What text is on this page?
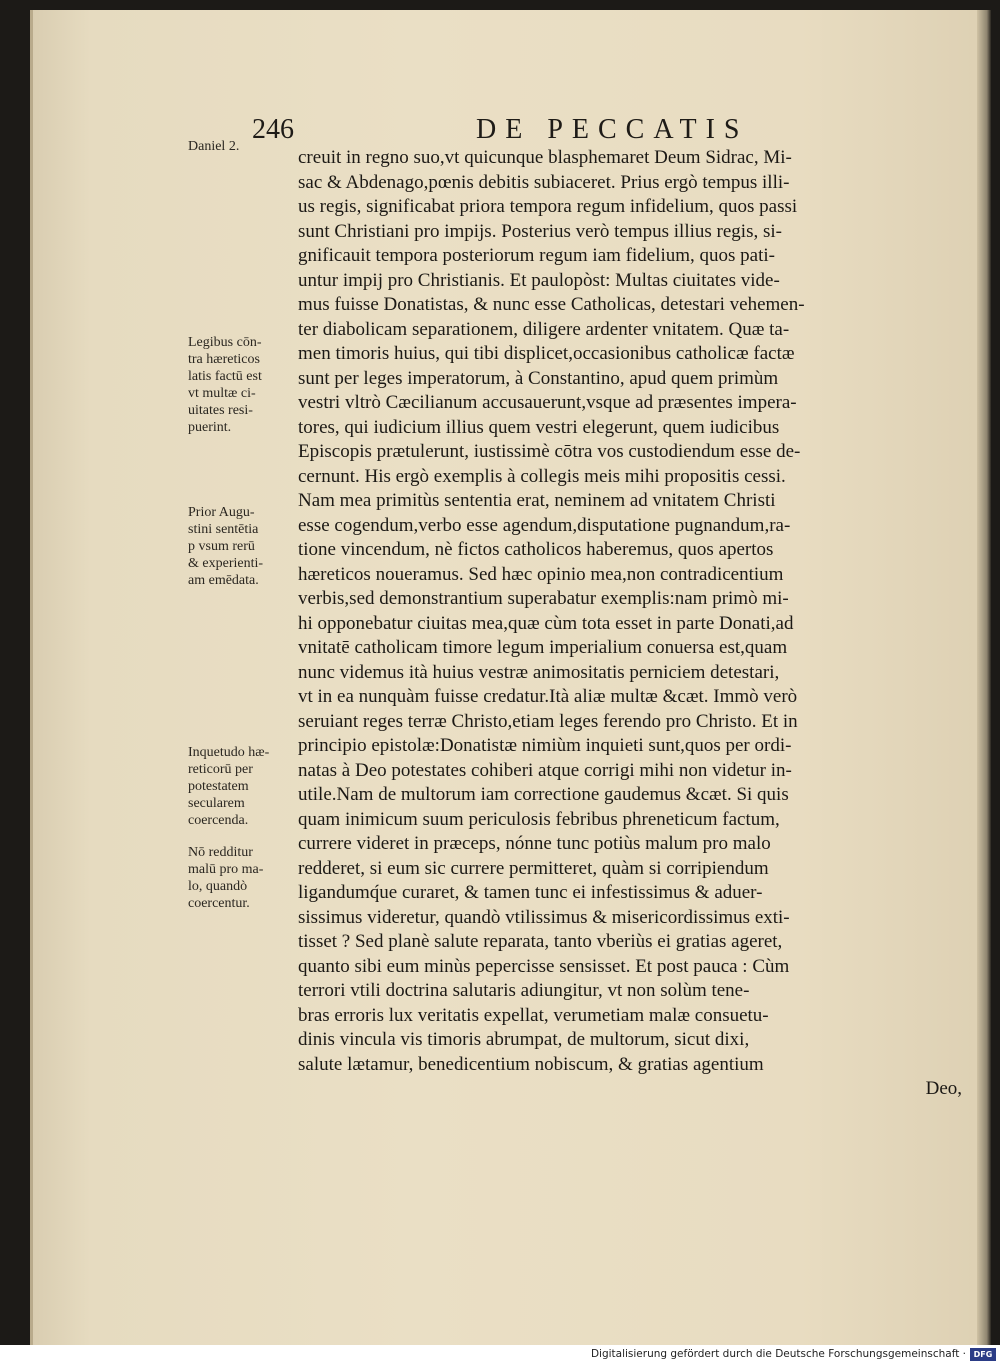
246	DE PECCATIS
Daniel 2.
Legibus cōn-
tra hæreticos
latis factū est
vt multæ ci-
uitates resi-
puerint.
Prior Augu-
stini sentētia
p vsum rerū
& experienti-
am emēdata.
Inquetudo hæ-
reticorū per
potestatem
secularem
coercenda.
Nō redditur
malū pro ma-
lo, quandò
coercentur.
creuit in regno suo,vt quicunque blasphemaret Deum Sidrac, Mi-
sac & Abdenago,pœnis debitis subiaceret. Prius ergò tempus illi-
us regis, significabat priora tempora regum infidelium, quos passi
sunt Christiani pro impijs. Posterius verò tempus illius regis, si-
gnificauit tempora posteriorum regum iam fidelium, quos pati-
untur impij pro Christianis. Et paulopòst: Multas ciuitates vide-
mus fuisse Donatistas, & nunc esse Catholicas, detestari vehemen-
ter diabolicam separationem, diligere ardenter vnitatem. Quæ ta-
men timoris huius, qui tibi displicet,occasionibus catholicæ factæ
sunt per leges imperatorum, à Constantino, apud quem primùm
vestri vltrò Cæcilianum accusauerunt,vsque ad præsentes impera-
tores, qui iudicium illius quem vestri elegerunt, quem iudicibus
Episcopis prætulerunt, iustissimè cōtra vos custodiendum esse de-
cernunt. His ergò exemplis à collegis meis mihi propositis cessi.
Nam mea primitùs sententia erat, neminem ad vnitatem Christi
esse cogendum,verbo esse agendum,disputatione pugnandum,ra-
tione vincendum, nè fictos catholicos haberemus, quos apertos
hæreticos noueramus. Sed hæc opinio mea,non contradicentium
verbis,sed demonstrantium superabatur exemplis:nam primò mi-
hi opponebatur ciuitas mea,quæ cùm tota esset in parte Donati,ad
vnitatē catholicam timore legum imperialium conuersa est,quam
nunc videmus ità huius vestræ animositatis perniciem detestari,
vt in ea nunquàm fuisse credatur.Ità aliæ multæ &cæt. Immò verò
seruiant reges terræ Christo,etiam leges ferendo pro Christo. Et in
principio epistolæ:Donatistæ nimiùm inquieti sunt,quos per ordi-
natas à Deo potestates cohiberi atque corrigi mihi non videtur in-
utile.Nam de multorum iam correctione gaudemus &cæt. Si quis
quam inimicum suum periculosis febribus phreneticum factum,
currere videret in præceps, nónne tunc potiùs malum pro malo
redderet, si eum sic currere permitteret, quàm si corripiendum
ligandumq́ue curaret, & tamen tunc ei infestissimus & aduer-
sissimus videretur, quandò vtilissimus & misericordissimus exti-
tisset ? Sed planè salute reparata, tanto vberiùs ei gratias ageret,
quanto sibi eum minùs pepercisse sensisset. Et post pauca : Cùm
terrori vtili doctrina salutaris adiungitur, vt non solùm tene-
bras erroris lux veritatis expellat, verumetiam malæ consuetu-
dinis vincula vis timoris abrumpat, de multorum, sicut dixi,
salute lætamur, benedicentium nobiscum, & gratias agentium
Deo,
Digitalisierung gefördert durch die Deutsche Forschungsgemeinschaft · DFG
